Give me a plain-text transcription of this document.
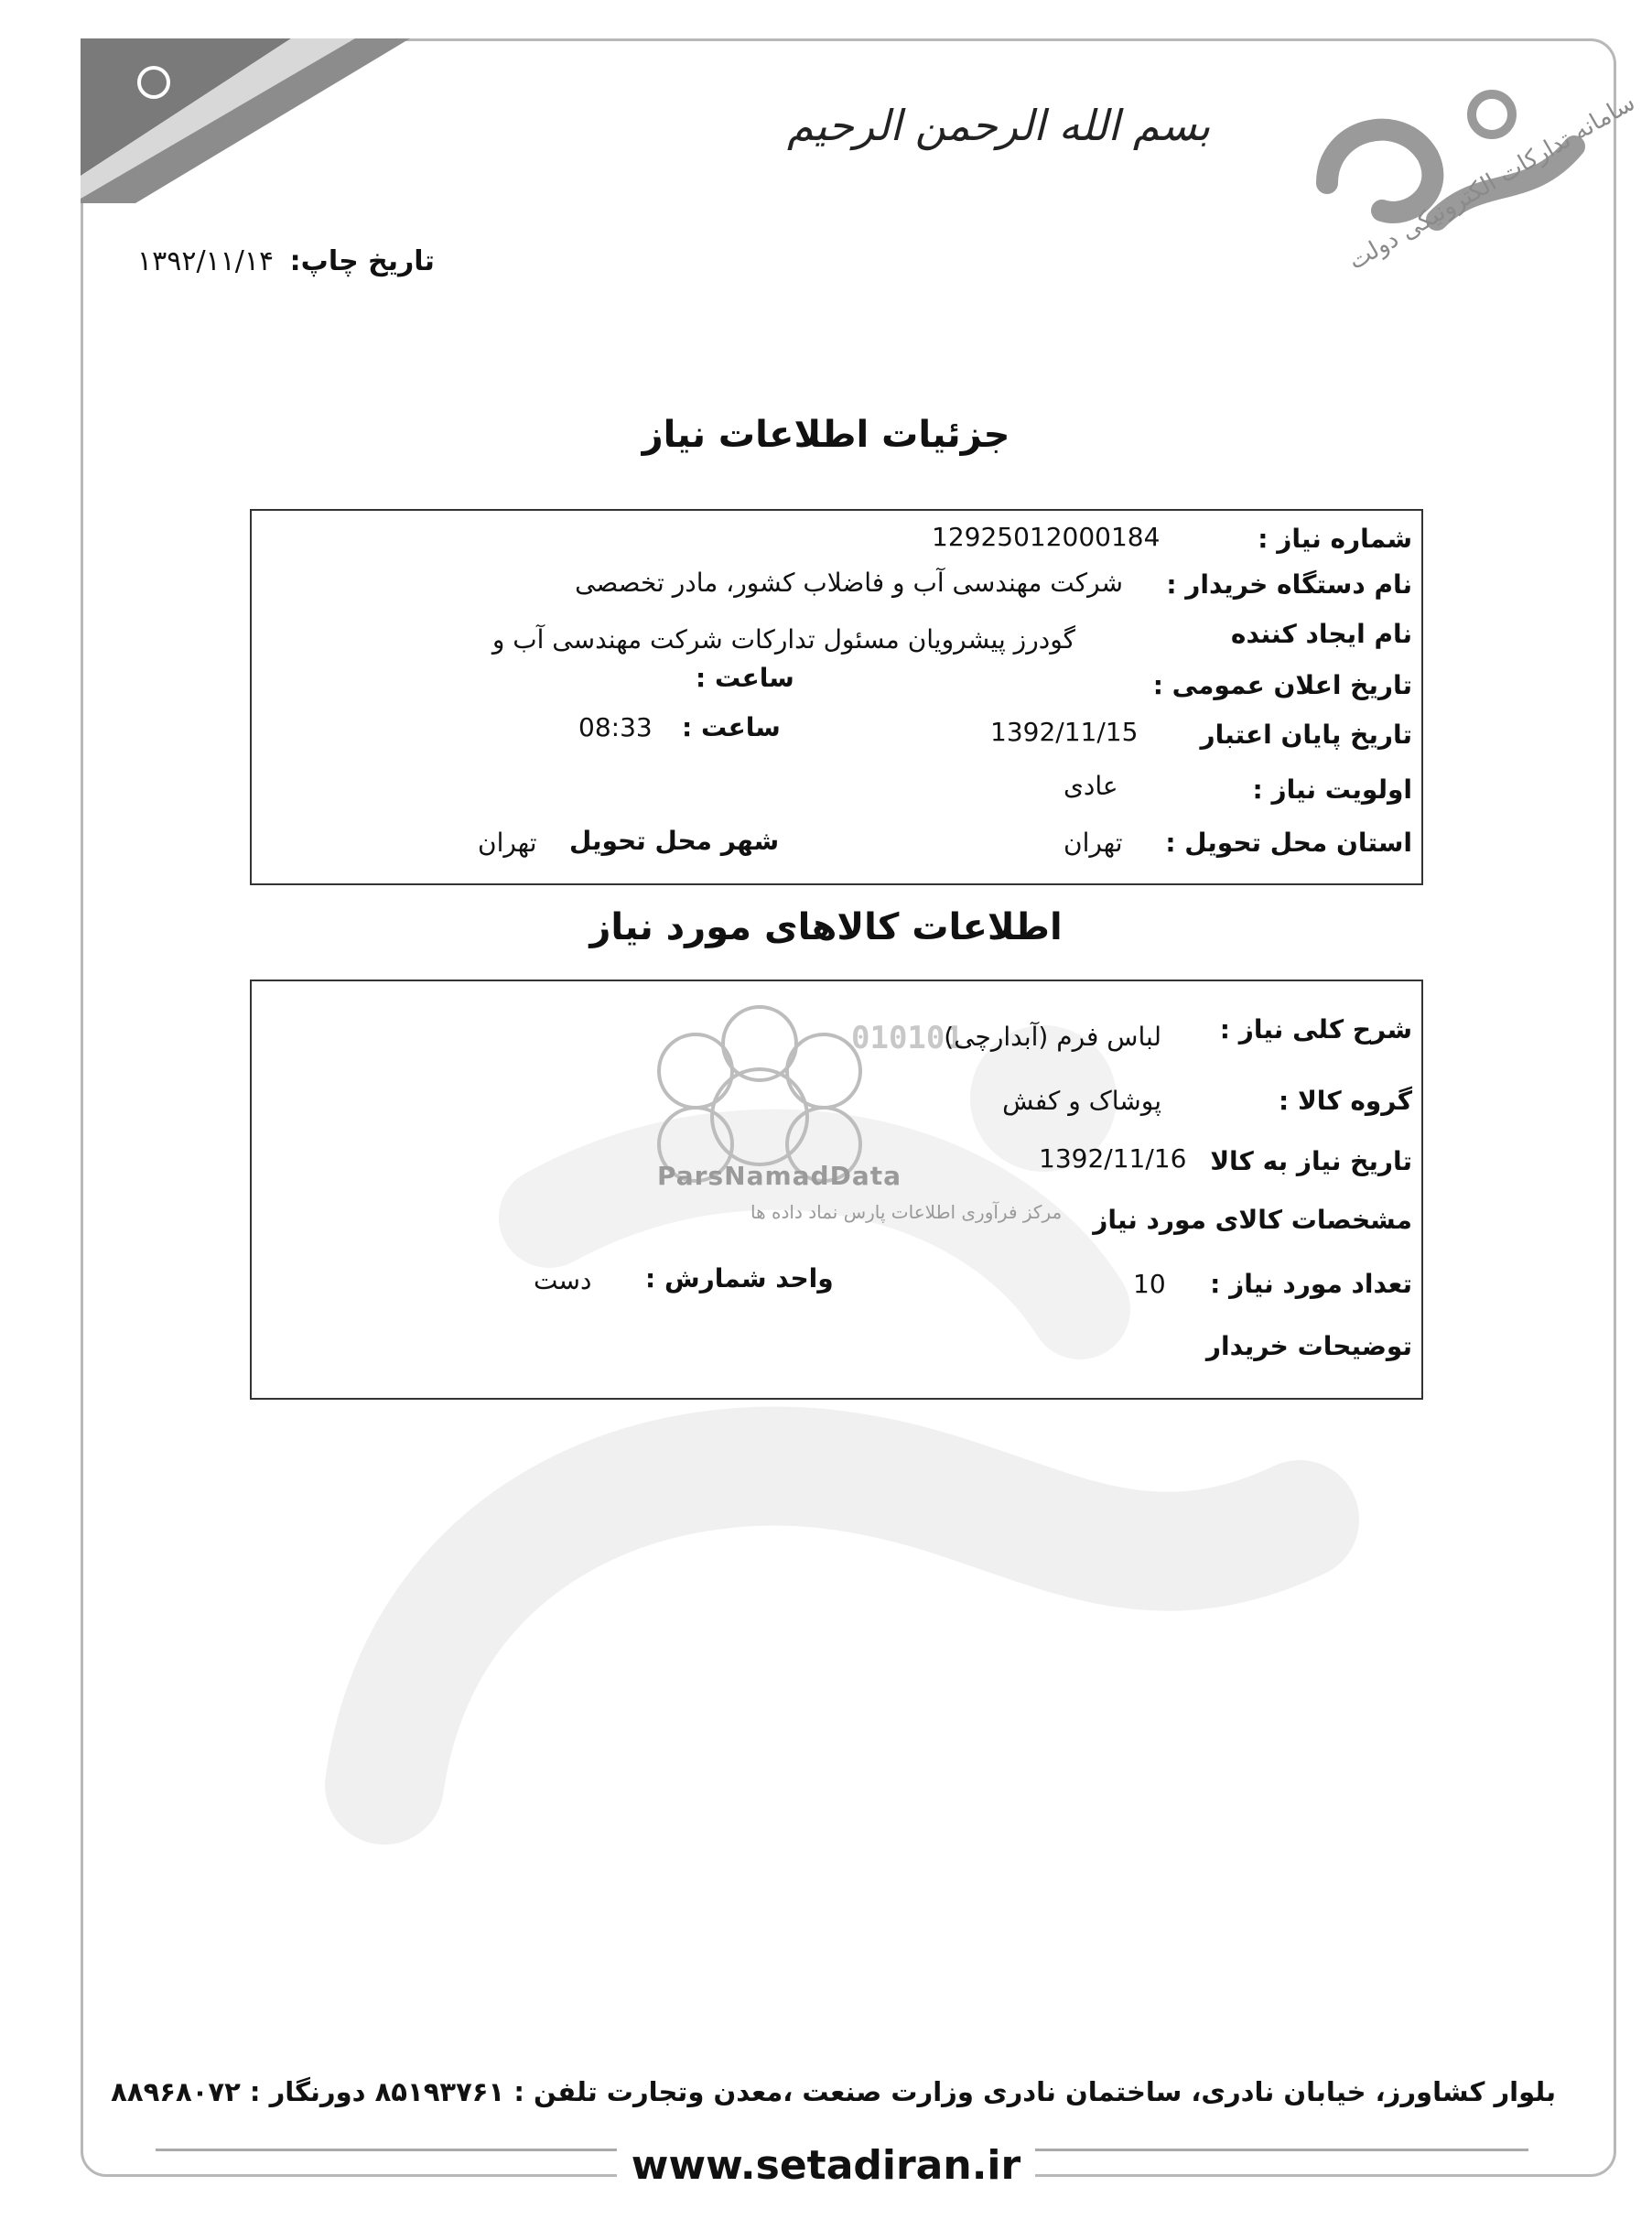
سامانه تدارکات الکترونیکی دولت
بسم الله الرحمن الرحیم
تاریخ چاپ: ۱۳۹۲/۱۱/۱۴
جزئیات اطلاعات نیاز
شماره نیاز :
12925012000184
نام دستگاه خریدار :
شرکت مهندسی آب و فاضلاب کشور، مادر تخصصی
نام ایجاد کننده
گودرز پیشرویان مسئول تدارکات شرکت مهندسی آب و
تاریخ اعلان عمومی :
ساعت :
تاریخ پایان اعتبار
1392/11/15
ساعت :
08:33
اولویت نیاز :
عادی
استان محل تحویل :
تهران
شهر محل تحویل
تهران
اطلاعات کالاهای مورد نیاز
010101
ParsNamadData
مرکز فرآوری اطلاعات پارس نماد داده ها
شرح کلی نیاز :
لباس فرم (آبدارچی)
گروه کالا :
پوشاک و کفش
تاریخ نیاز به کالا
1392/11/16
مشخصات کالای مورد نیاز
تعداد مورد نیاز :
10
واحد شمارش :
دست
توضیحات خریدار
بلوار کشاورز، خیابان نادری، ساختمان نادری وزارت صنعت ،معدن وتجارت تلفن : ۸۵۱۹۳۷۶۱ دورنگار : ۸۸۹۶۸۰۷۲
www.setadiran.ir
